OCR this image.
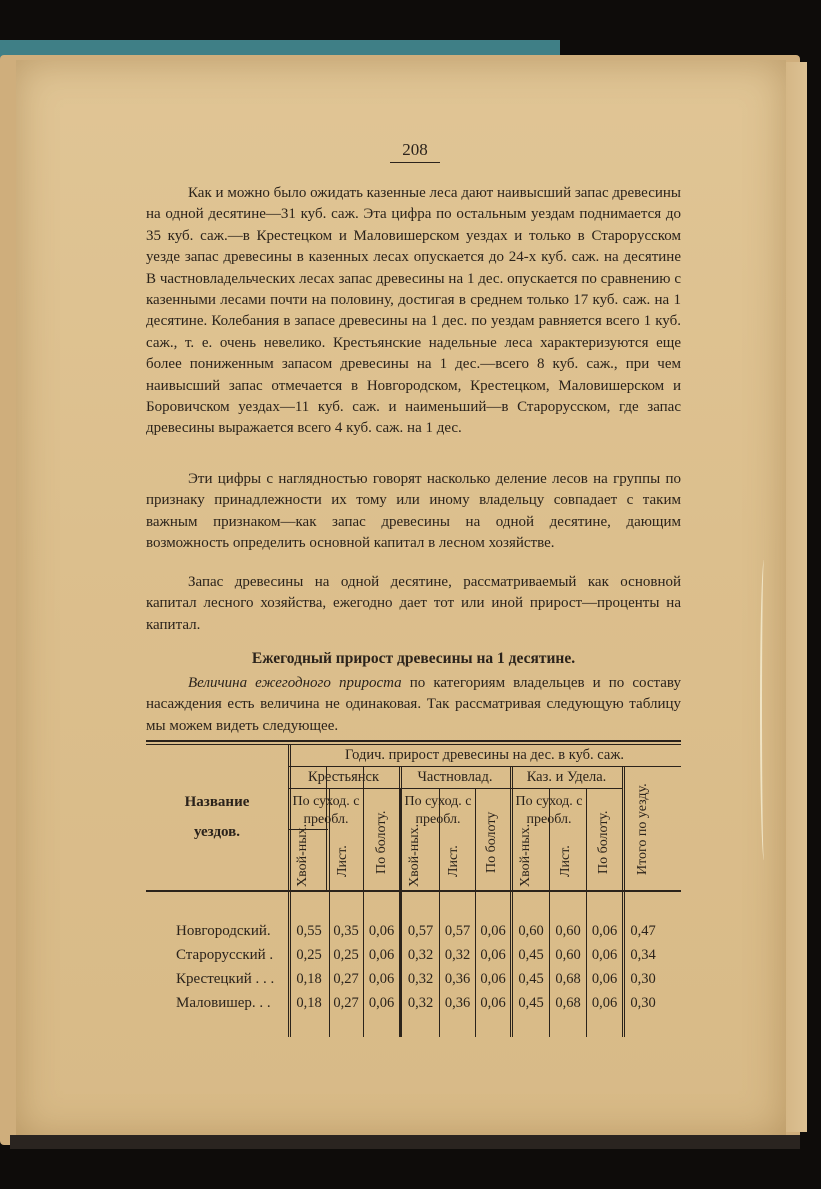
208

Как и можно было ожидать казенные леса дают наивысший запас древесины на одной десятине—31 куб. саж. Эта цифра по остальным уездам поднимается до 35 куб. саж.—в Крестецком и Маловишерском уездах и только в Старорусском уезде запас древесины в казенных лесах опускается до 24-х куб. саж. на десятине В частновладельческих лесах запас древесины на 1 дес. опускается по сравнению с казенными лесами почти на половину, достигая в среднем только 17 куб. саж. на 1 десятине. Колебания в запасе древесины на 1 дес. по уездам равняется всего 1 куб. саж., т. е. очень невелико. Крестьянские надельные леса характеризуются еще более пониженным запасом древесины на 1 дес.—всего 8 куб. саж., при чем наивысший запас отмечается в Новгородском, Крестецком, Маловишерском и Боровичском уездах—11 куб. саж. и наименьший—в Старорусском, где запас древесины выражается всего 4 куб. саж. на 1 дес.

Эти цифры с наглядностью говорят насколько деление лесов на группы по признаку принадлежности их тому или иному владельцу совпадает с таким важным признаком—как запас древесины на одной десятине, дающим возможность определить основной капитал в лесном хозяйстве.

Запас древесины на одной десятине, рассматриваемый как основной капитал лесного хозяйства, ежегодно дает тот или иной прирост—проценты на капитал.

Ежегодный прирост древесины на 1 десятине.

Величина ежегодного прироста по категориям владельцев и по составу насаждения есть величина не одинаковая. Так рассматривая следующую таблицу мы можем видеть следующее.

Название
уездов.
Годич. прирост древесины на дес. в куб. саж.
Крестьянск	Частновлад.	Каз. и Удела.
По суход. с преобл.
По суход. с преобл.
По суход. с преобл.
Хвой-ных. Лист. По болоту. Хвой-ных. Лист. По болоту Хвой-ных. Лист. По болоту. Итого по уезду.
Новгородский.	0,55 0,35 0,06 0,57 0,57 0,06 0,60 0,60 0,06 0,47
Старорусский .	0,25 0,25 0,06 0,32 0,32 0,06 0,45 0,60 0,06 0,34
Крестецкий . . .	0,18 0,27 0,06 0,32 0,36 0,06 0,45 0,68 0,06 0,30
Маловишер. . .	0,18 0,27 0,06 0,32 0,36 0,06 0,45 0,68 0,06 0,30
